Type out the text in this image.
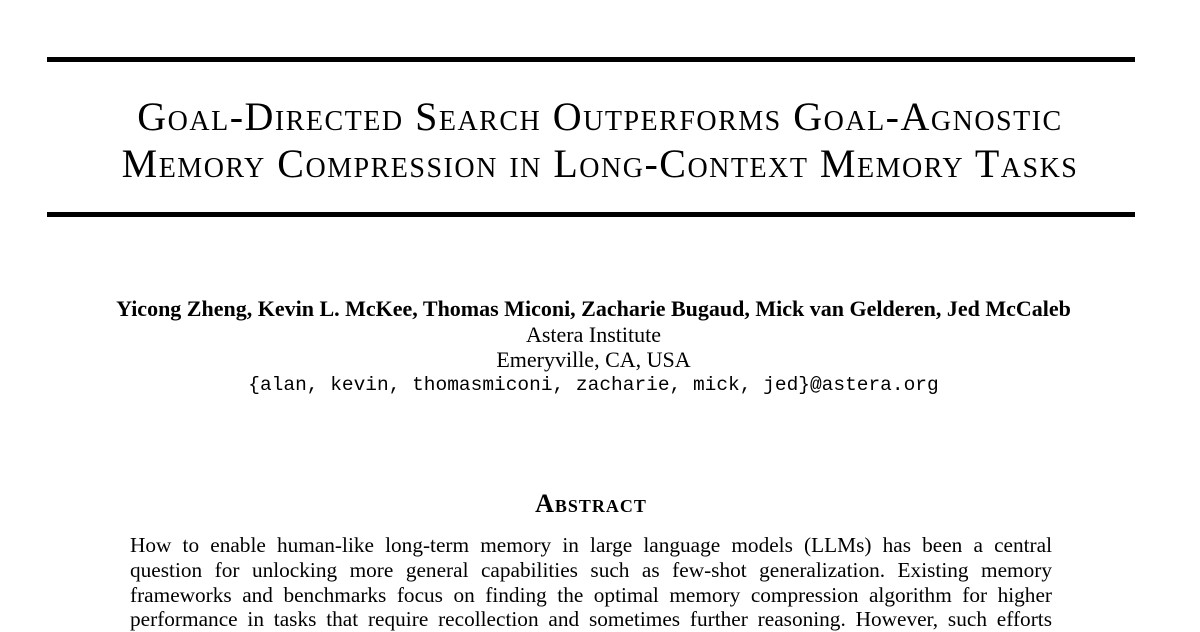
Goal-Directed Search Outperforms Goal-Agnostic
Memory Compression in Long-Context Memory Tasks
Yicong Zheng, Kevin L. McKee, Thomas Miconi, Zacharie Bugaud, Mick van Gelderen, Jed McCaleb
Astera Institute
Emeryville, CA, USA
{alan, kevin, thomasmiconi, zacharie, mick, jed}@astera.org
Abstract
How to enable human-like long-term memory in large language models (LLMs) has been a central
question for unlocking more general capabilities such as few-shot generalization. Existing memory
frameworks and benchmarks focus on finding the optimal memory compression algorithm for higher
performance in tasks that require recollection and sometimes further reasoning. However, such efforts
